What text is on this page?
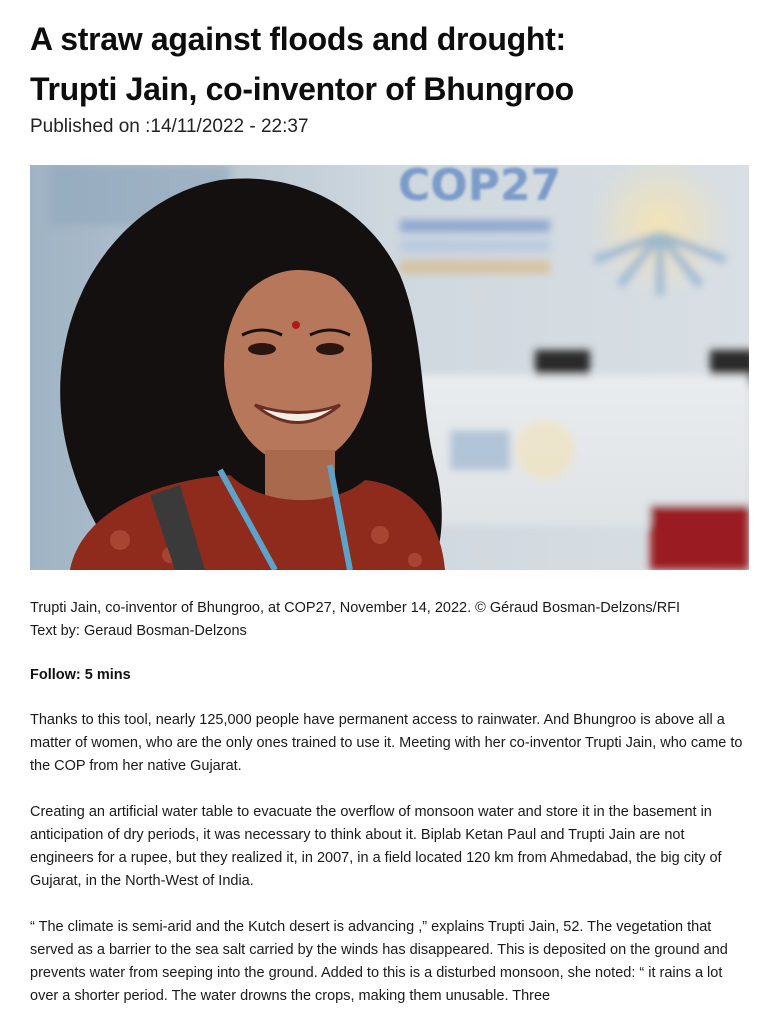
A straw against floods and drought:
Trupti Jain, co-inventor of Bhungroo
Published on :14/11/2022 - 22:37
COP27
Trupti Jain, co-inventor of Bhungroo, at COP27, November 14, 2022. © Géraud Bosman-Delzons/RFI
Text by: Geraud Bosman-Delzons
Follow: 5 mins

Thanks to this tool, nearly 125,000 people have permanent access to rainwater. And Bhungroo is above all a matter of women, who are the only ones trained to use it. Meeting with her co-inventor Trupti Jain, who came to the COP from her native Gujarat.

Creating an artificial water table to evacuate the overflow of monsoon water and store it in the basement in anticipation of dry periods, it was necessary to think about it. Biplab Ketan Paul and Trupti Jain are not engineers for a rupee, but they realized it, in 2007, in a field located 120 km from Ahmedabad, the big city of Gujarat, in the North-West of India.

“ The climate is semi-arid and the Kutch desert is advancing ,” explains Trupti Jain, 52. The vegetation that served as a barrier to the sea salt carried by the winds has disappeared. This is deposited on the ground and prevents water from seeping into the ground. Added to this is a disturbed monsoon, she noted: “ it rains a lot over a shorter period. The water drowns the crops, making them unusable. Three
